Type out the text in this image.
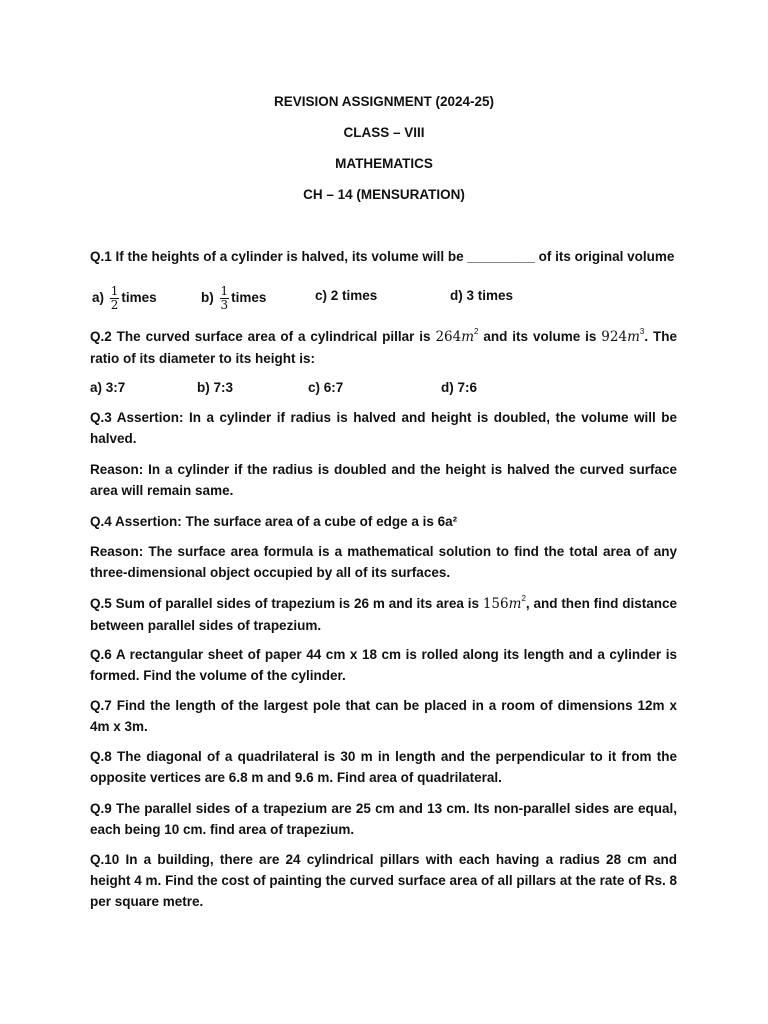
REVISION ASSIGNMENT (2024-25)
CLASS – VIII
MATHEMATICS
CH – 14 (MENSURATION)
Q.1 If the heights of a cylinder is halved, its volume will be _________ of its original volume
$a) \frac{1}{2}$ times	$b) \frac{1}{3}$ times	c) 2 times	d) 3 times
Q.2 The curved surface area of a cylindrical pillar is $264m^2$ and its volume is $924m^3$. The ratio of its diameter to its height is:
a) 3:7	b) 7:3	c) 6:7	d) 7:6
Q.3 Assertion: In a cylinder if radius is halved and height is doubled, the volume will be halved.
Reason: In a cylinder if the radius is doubled and the height is halved the curved surface area will remain same.
Q.4 Assertion: The surface area of a cube of edge a is 6a²
Reason: The surface area formula is a mathematical solution to find the total area of any three-dimensional object occupied by all of its surfaces.
Q.5 Sum of parallel sides of trapezium is 26 m and its area is $156m^2$, and then find distance between parallel sides of trapezium.
Q.6 A rectangular sheet of paper 44 cm x 18 cm is rolled along its length and a cylinder is formed. Find the volume of the cylinder.
Q.7 Find the length of the largest pole that can be placed in a room of dimensions 12m x 4m x 3m.
Q.8 The diagonal of a quadrilateral is 30 m in length and the perpendicular to it from the opposite vertices are 6.8 m and 9.6 m. Find area of quadrilateral.
Q.9 The parallel sides of a trapezium are 25 cm and 13 cm. Its non-parallel sides are equal, each being 10 cm. find area of trapezium.
Q.10 In a building, there are 24 cylindrical pillars with each having a radius 28 cm and height 4 m. Find the cost of painting the curved surface area of all pillars at the rate of Rs. 8 per square metre.
